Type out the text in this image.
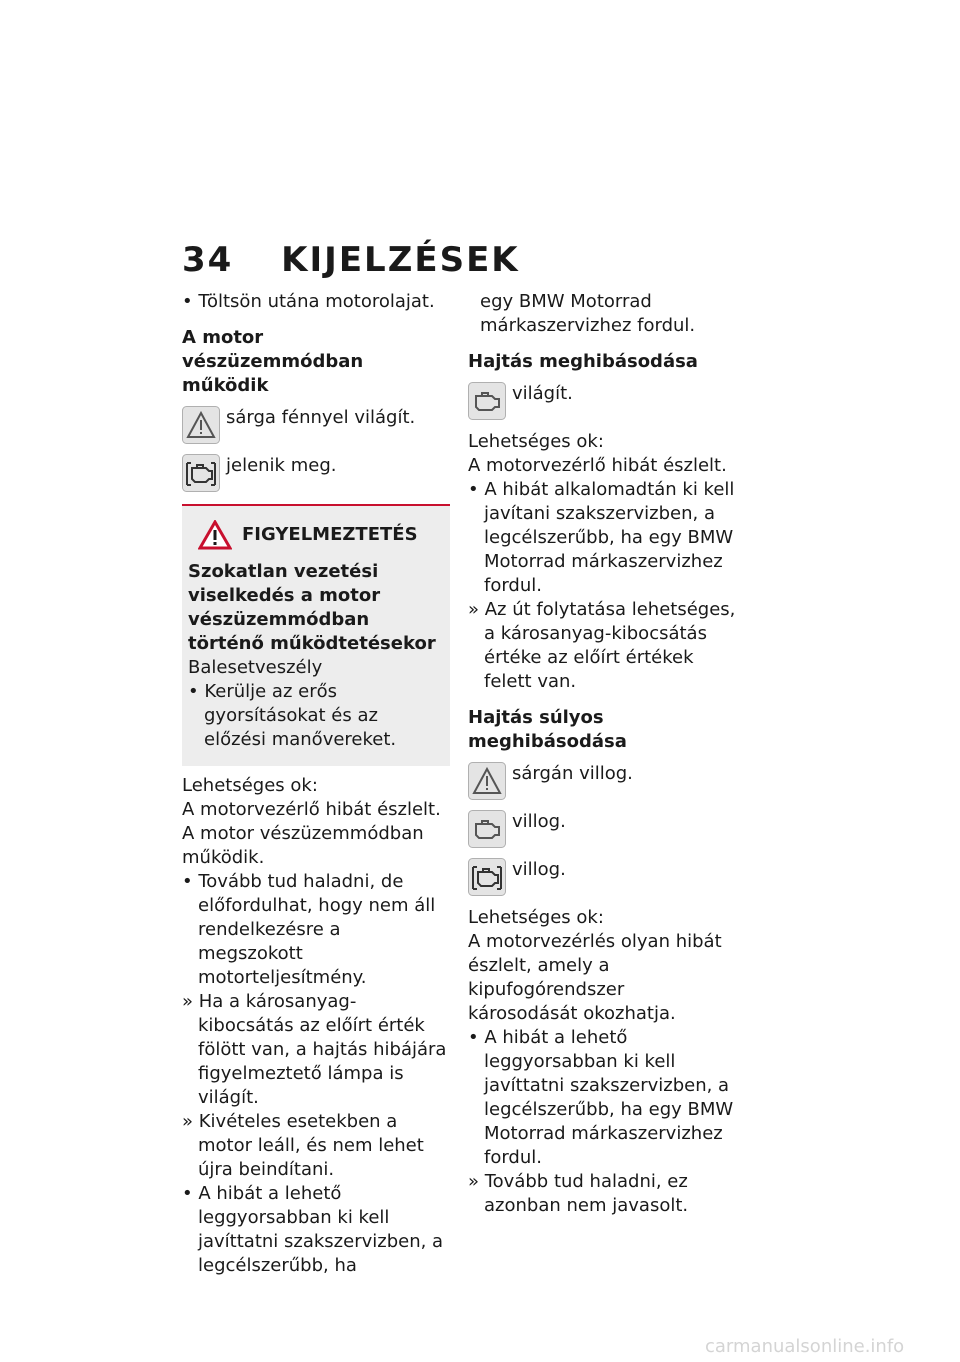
34 KIJELZÉSEK

• Töltsön utána motorolajat.

A motor vészüzemmódban működik

sárga fénnyel világít.
jelenik meg.
FIGYELMEZTETÉS

Szokatlan vezetési viselkedés a motor vészüzemmódban történő működtetésekor

Balesetveszély

• Kerülje az erős gyorsításokat és az előzési manővereket.

Lehetséges ok:

A motorvezérlő hibát észlelt. A motor vészüzemmódban működik.

• Tovább tud haladni, de előfordulhat, hogy nem áll rendelkezésre a megszokott motorteljesítmény.

» Ha a károsanyag-kibocsátás az előírt érték fölött van, a hajtás hibájára figyelmeztető lámpa is világít.

» Kivételes esetekben a motor leáll, és nem lehet újra beindítani.

• A hibát a lehető leggyorsabban ki kell javíttatni szakszervizben, a legcélszerűbb, ha

egy BMW Motorrad márkaszervizhez fordul.

Hajtás meghibásodása

világít.

Lehetséges ok:

A motorvezérlő hibát észlelt.

• A hibát alkalomadtán ki kell javítani szakszervizben, a legcélszerűbb, ha egy BMW Motorrad márkaszervizhez fordul.

» Az út folytatása lehetséges, a károsanyag-kibocsátás értéke az előírt értékek felett van.

Hajtás súlyos meghibásodása

sárgán villog.
villog.
villog.

Lehetséges ok:

A motorvezérlés olyan hibát észlelt, amely a kipufogórendszer károsodását okozhatja.

• A hibát a lehető leggyorsabban ki kell javíttatni szakszervizben, a legcélszerűbb, ha egy BMW Motorrad márkaszervizhez fordul.

» Tovább tud haladni, ez azonban nem javasolt.

carmanualsonline.info
